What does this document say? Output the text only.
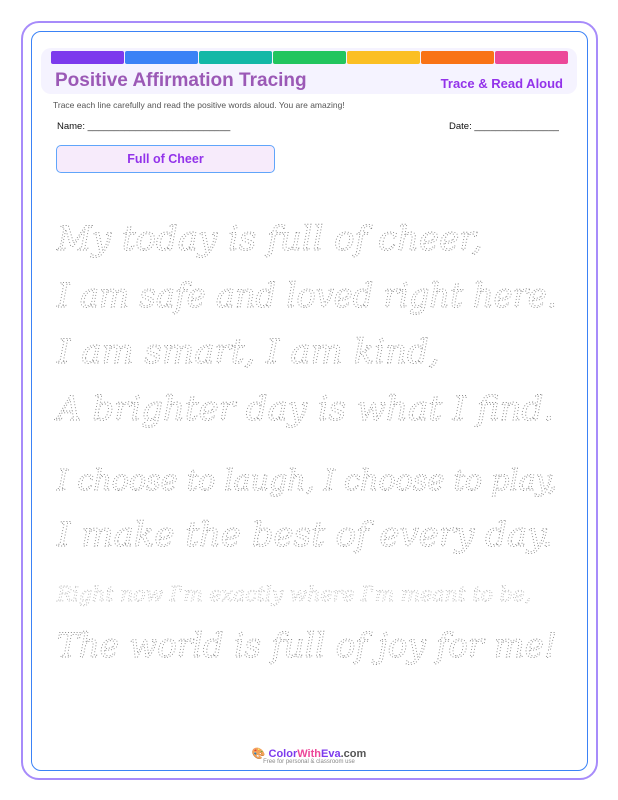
Positive Affirmation Tracing	Trace & Read Aloud
Trace each line carefully and read the positive words aloud. You are amazing!
Name: ___________________________	Date: ________________
Full of Cheer
My today is full of cheer,
I am safe and loved right here.
I am smart, I am kind,
A brighter day is what I find.
I choose to laugh, I choose to play,
I make the best of every day.
Right now I'm exactly where I'm meant to be,
The world is full of joy for me!
🎨 ColorWithEva.com
Free for personal & classroom use
